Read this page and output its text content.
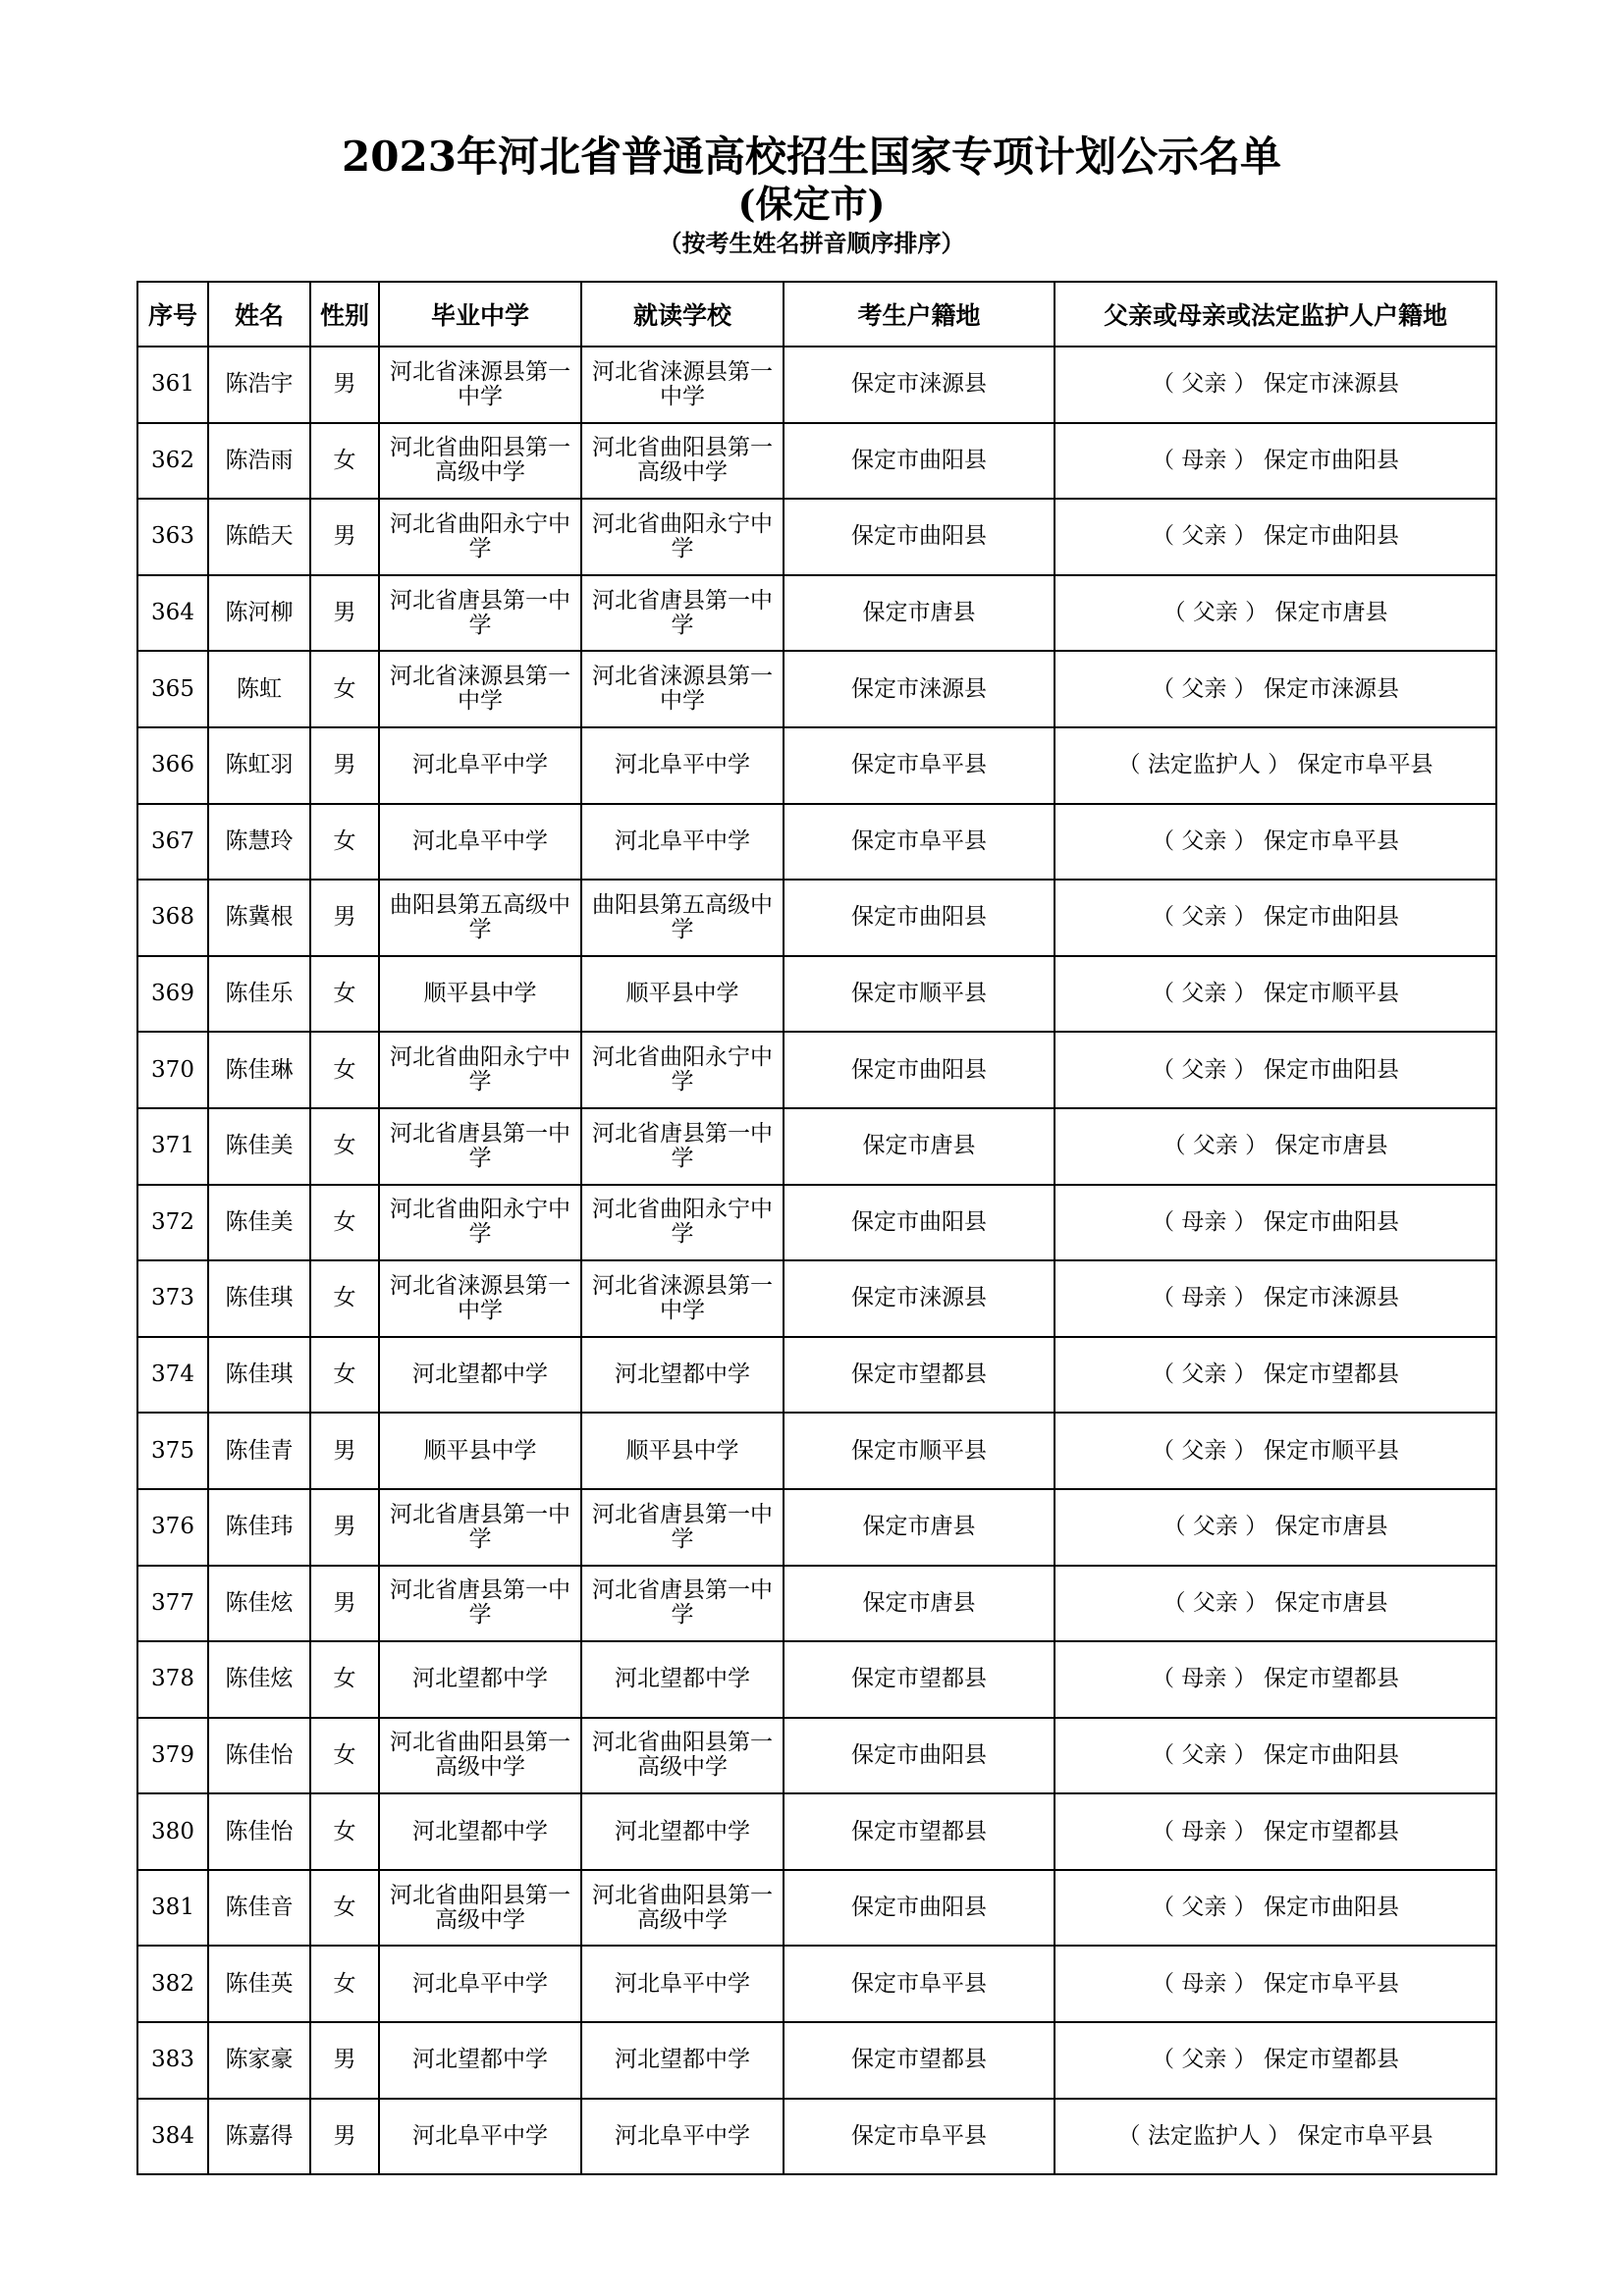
2023年河北省普通高校招生国家专项计划公示名单
(保定市)
（按考生姓名拼音顺序排序）
序号	姓名	性别	毕业中学	就读学校	考生户籍地	父亲或母亲或法定监护人户籍地
361	陈浩宇	男	河北省涞源县第一中学	河北省涞源县第一中学	保定市涞源县	（ 父亲 ） 保定市涞源县
362	陈浩雨	女	河北省曲阳县第一高级中学	河北省曲阳县第一高级中学	保定市曲阳县	（ 母亲 ） 保定市曲阳县
363	陈皓天	男	河北省曲阳永宁中学	河北省曲阳永宁中学	保定市曲阳县	（ 父亲 ） 保定市曲阳县
364	陈河柳	男	河北省唐县第一中学	河北省唐县第一中学	保定市唐县	（ 父亲 ） 保定市唐县
365	陈虹	女	河北省涞源县第一中学	河北省涞源县第一中学	保定市涞源县	（ 父亲 ） 保定市涞源县
366	陈虹羽	男	河北阜平中学	河北阜平中学	保定市阜平县	（ 法定监护人 ） 保定市阜平县
367	陈慧玲	女	河北阜平中学	河北阜平中学	保定市阜平县	（ 父亲 ） 保定市阜平县
368	陈冀根	男	曲阳县第五高级中学	曲阳县第五高级中学	保定市曲阳县	（ 父亲 ） 保定市曲阳县
369	陈佳乐	女	顺平县中学	顺平县中学	保定市顺平县	（ 父亲 ） 保定市顺平县
370	陈佳琳	女	河北省曲阳永宁中学	河北省曲阳永宁中学	保定市曲阳县	（ 父亲 ） 保定市曲阳县
371	陈佳美	女	河北省唐县第一中学	河北省唐县第一中学	保定市唐县	（ 父亲 ） 保定市唐县
372	陈佳美	女	河北省曲阳永宁中学	河北省曲阳永宁中学	保定市曲阳县	（ 母亲 ） 保定市曲阳县
373	陈佳琪	女	河北省涞源县第一中学	河北省涞源县第一中学	保定市涞源县	（ 母亲 ） 保定市涞源县
374	陈佳琪	女	河北望都中学	河北望都中学	保定市望都县	（ 父亲 ） 保定市望都县
375	陈佳青	男	顺平县中学	顺平县中学	保定市顺平县	（ 父亲 ） 保定市顺平县
376	陈佳玮	男	河北省唐县第一中学	河北省唐县第一中学	保定市唐县	（ 父亲 ） 保定市唐县
377	陈佳炫	男	河北省唐县第一中学	河北省唐县第一中学	保定市唐县	（ 父亲 ） 保定市唐县
378	陈佳炫	女	河北望都中学	河北望都中学	保定市望都县	（ 母亲 ） 保定市望都县
379	陈佳怡	女	河北省曲阳县第一高级中学	河北省曲阳县第一高级中学	保定市曲阳县	（ 父亲 ） 保定市曲阳县
380	陈佳怡	女	河北望都中学	河北望都中学	保定市望都县	（ 母亲 ） 保定市望都县
381	陈佳音	女	河北省曲阳县第一高级中学	河北省曲阳县第一高级中学	保定市曲阳县	（ 父亲 ） 保定市曲阳县
382	陈佳英	女	河北阜平中学	河北阜平中学	保定市阜平县	（ 母亲 ） 保定市阜平县
383	陈家豪	男	河北望都中学	河北望都中学	保定市望都县	（ 父亲 ） 保定市望都县
384	陈嘉得	男	河北阜平中学	河北阜平中学	保定市阜平县	（ 法定监护人 ） 保定市阜平县
